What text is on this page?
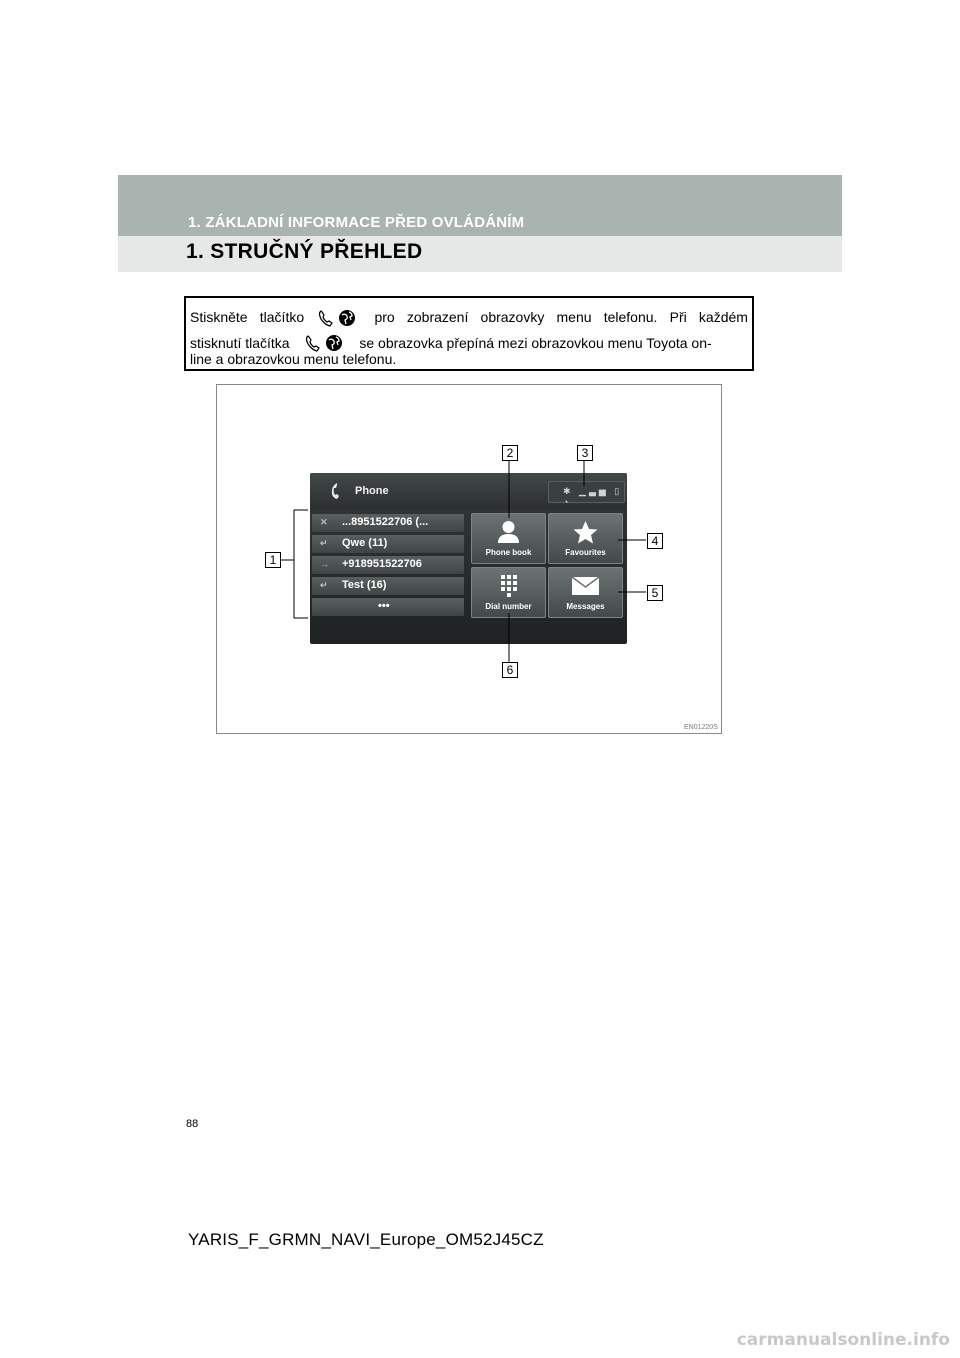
1. ZÁKLADNÍ INFORMACE PŘED OVLÁDÁNÍM
1. STRUČNÝ PŘEHLED
Stiskněte tlačítko	pro zobrazení obrazovky menu telefonu. Při každém
stisknutí tlačítka	se obrazovka přepíná mezi obrazovkou menu Toyota on-
line a obrazovkou menu telefonu.
Phone	✱ ▁▃▅ ▯ ◔
✕ ...8951522706 (...
↵ Qwe (11)
→ +918951522706
↵ Test (16)
•••
Phone book	Favourites
Dial number	Messages
1
2	3
4
5
6
EN01220S
88
YARIS_F_GRMN_NAVI_Europe_OM52J45CZ
carmanualsonline.info
